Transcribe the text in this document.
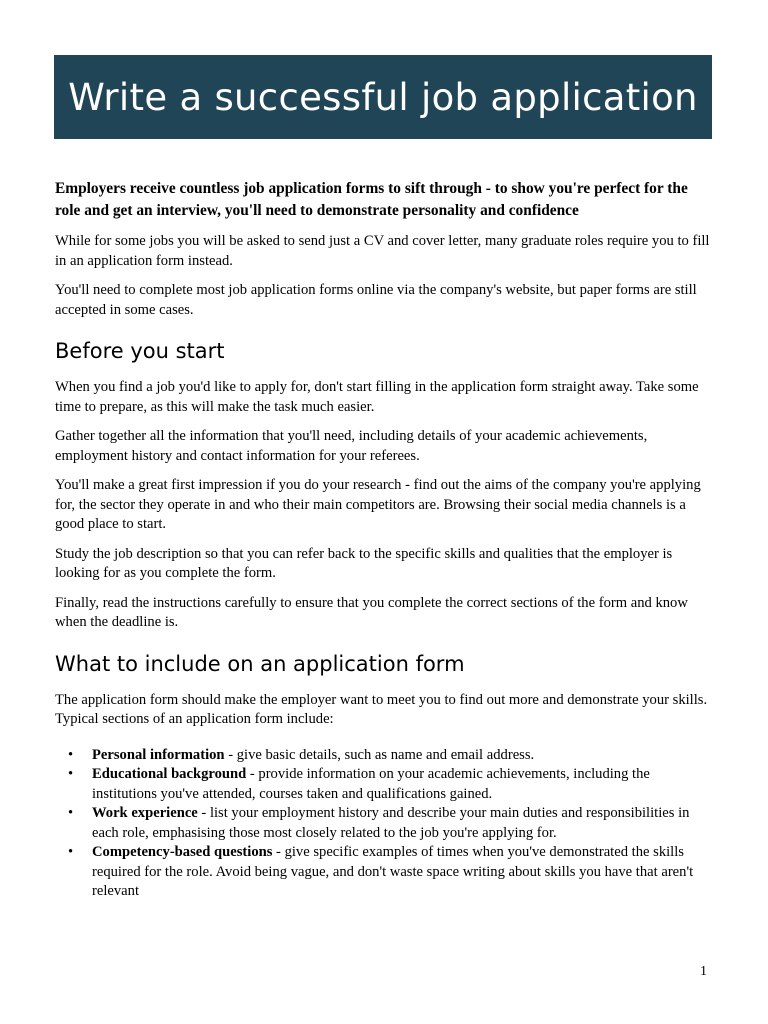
Write a successful job application

Employers receive countless job application forms to sift through - to show you're perfect for the role and get an interview, you'll need to demonstrate personality and confidence

While for some jobs you will be asked to send just a CV and cover letter, many graduate roles require you to fill in an application form instead.

You'll need to complete most job application forms online via the company's website, but paper forms are still accepted in some cases.

Before you start

When you find a job you'd like to apply for, don't start filling in the application form straight away. Take some time to prepare, as this will make the task much easier.

Gather together all the information that you'll need, including details of your academic achievements, employment history and contact information for your referees.

You'll make a great first impression if you do your research - find out the aims of the company you're applying for, the sector they operate in and who their main competitors are. Browsing their social media channels is a good place to start.

Study the job description so that you can refer back to the specific skills and qualities that the employer is looking for as you complete the form.

Finally, read the instructions carefully to ensure that you complete the correct sections of the form and know when the deadline is.

What to include on an application form

The application form should make the employer want to meet you to find out more and demonstrate your skills. Typical sections of an application form include:

• Personal information - give basic details, such as name and email address.
• Educational background - provide information on your academic achievements, including the institutions you've attended, courses taken and qualifications gained.
• Work experience - list your employment history and describe your main duties and responsibilities in each role, emphasising those most closely related to the job you're applying for.
• Competency-based questions - give specific examples of times when you've demonstrated the skills required for the role. Avoid being vague, and don't waste space writing about skills you have that aren't relevant
1
